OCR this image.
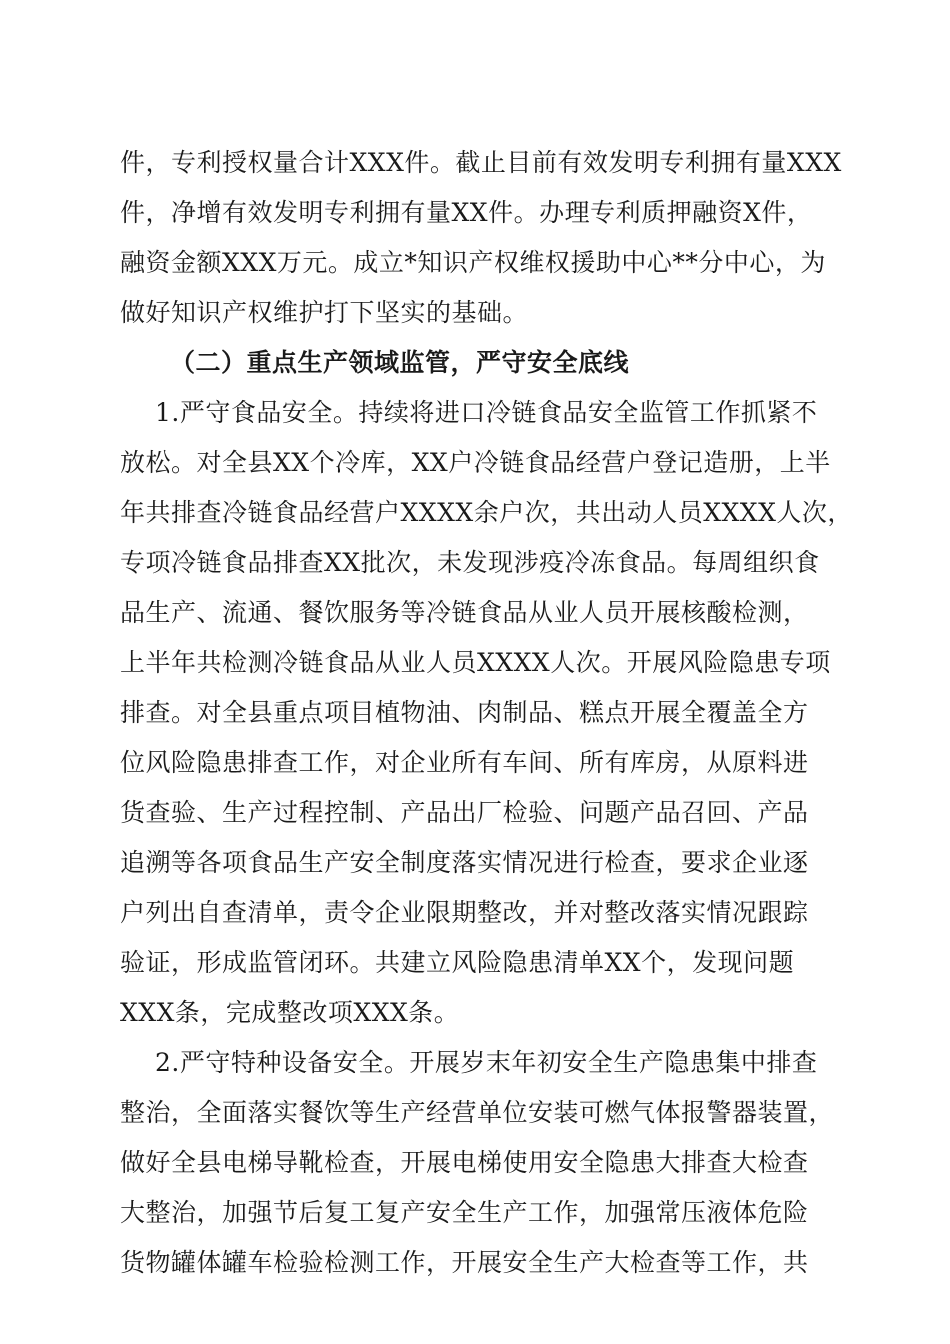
件，专利授权量合计XXX件。截止目前有效发明专利拥有量XXX
件，净增有效发明专利拥有量XX件。办理专利质押融资X件，
融资金额XXX万元。成立*知识产权维权援助中心**分中心，为
做好知识产权维护打下坚实的基础。
（二）重点生产领域监管，严守安全底线
1.严守食品安全。持续将进口冷链食品安全监管工作抓紧不
放松。对全县XX个冷库，XX户冷链食品经营户登记造册，上半
年共排查冷链食品经营户XXXX余户次，共出动人员XXXX人次，
专项冷链食品排查XX批次，未发现涉疫冷冻食品。每周组织食
品生产、流通、餐饮服务等冷链食品从业人员开展核酸检测，
上半年共检测冷链食品从业人员XXXX人次。开展风险隐患专项
排查。对全县重点项目植物油、肉制品、糕点开展全覆盖全方
位风险隐患排查工作，对企业所有车间、所有库房，从原料进
货查验、生产过程控制、产品出厂检验、问题产品召回、产品
追溯等各项食品生产安全制度落实情况进行检查，要求企业逐
户列出自查清单，责令企业限期整改，并对整改落实情况跟踪
验证，形成监管闭环。共建立风险隐患清单XX个，发现问题
XXX条，完成整改项XXX条。
2.严守特种设备安全。开展岁末年初安全生产隐患集中排查
整治，全面落实餐饮等生产经营单位安装可燃气体报警器装置，
做好全县电梯导靴检查，开展电梯使用安全隐患大排查大检查
大整治，加强节后复工复产安全生产工作，加强常压液体危险
货物罐体罐车检验检测工作，开展安全生产大检查等工作，共
